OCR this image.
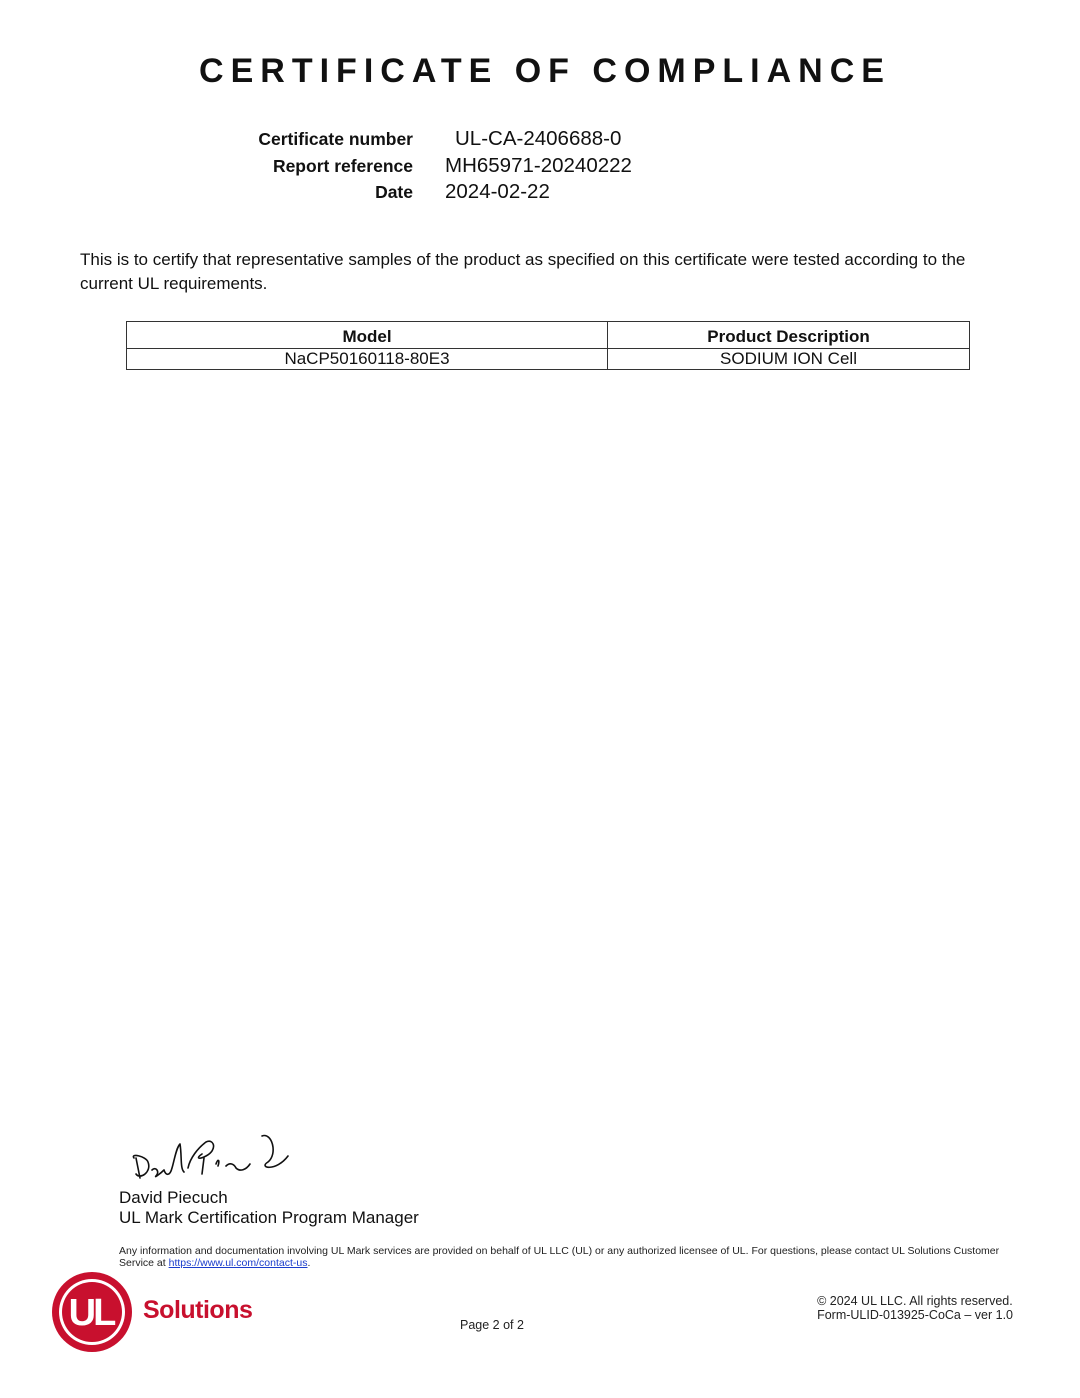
CERTIFICATE OF COMPLIANCE
Certificate number UL-CA-2406688-0
Report reference MH65971-20240222
Date 2024-02-22

This is to certify that representative samples of the product as specified on this certificate were tested according to the current UL requirements.

Model	Product Description
NaCP50160118-80E3	SODIUM ION Cell
David Piecuch
UL Mark Certification Program Manager
Any information and documentation involving UL Mark services are provided on behalf of UL LLC (UL) or any authorized licensee of UL. For questions, please contact UL Solutions Customer Service at https://www.ul.com/contact-us.
UL Solutions
Page 2 of 2
© 2024 UL LLC. All rights reserved.
Form-ULID-013925-CoCa – ver 1.0
